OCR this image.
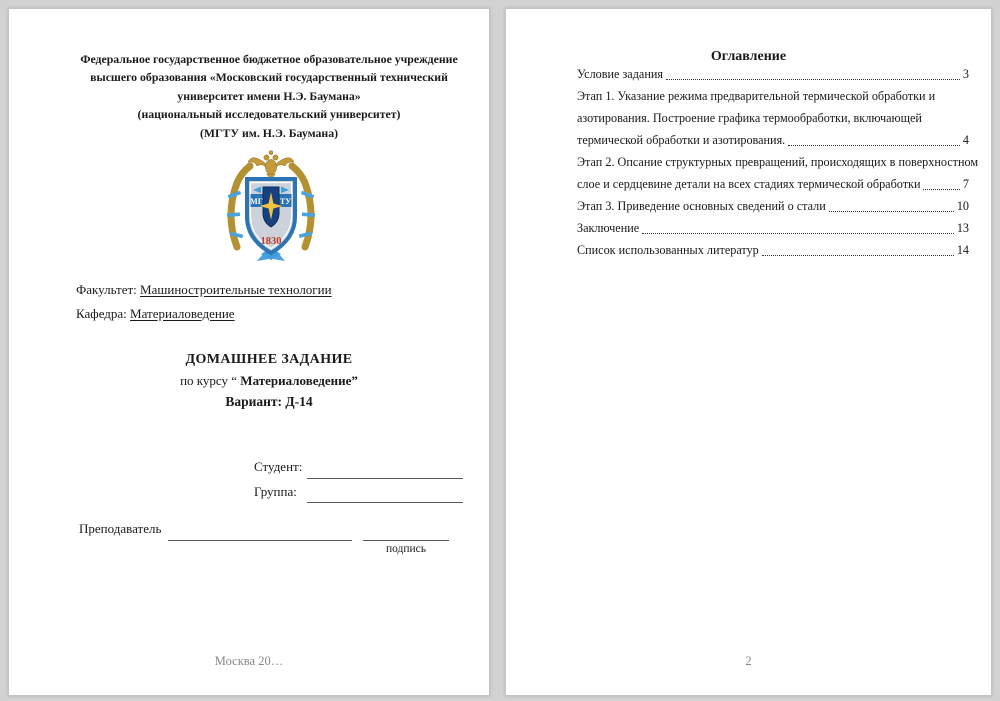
Федеральное государственное бюджетное образовательное учреждение
высшего образования «Московский государственный технический
университет имени Н.Э. Баумана»
(национальный исследовательский университет)
(МГТУ им. Н.Э. Баумана)
МГ ТУ
1830
Факультет: Машиностроительные технологии
Кафедра: Материаловедение
ДОМАШНЕЕ ЗАДАНИЕ
по курсу “ Материаловедение”
Вариант: Д-14
Студент:
Группа:
Преподаватель
подпись
Москва 20…
Оглавление
Условие задания	3
Этап 1. Указание режима предварительной термической обработки и
азотирования. Построение графика термообработки, включающей
термической обработки и азотирования.	4
Этап 2. Опсание структурных превращений, происходящих в поверхностном
слое и сердцевине детали на всех стадиях термической обработки	7
Этап 3. Приведение основных сведений о стали	10
Заключение	13
Список использованных литератур	14
2
